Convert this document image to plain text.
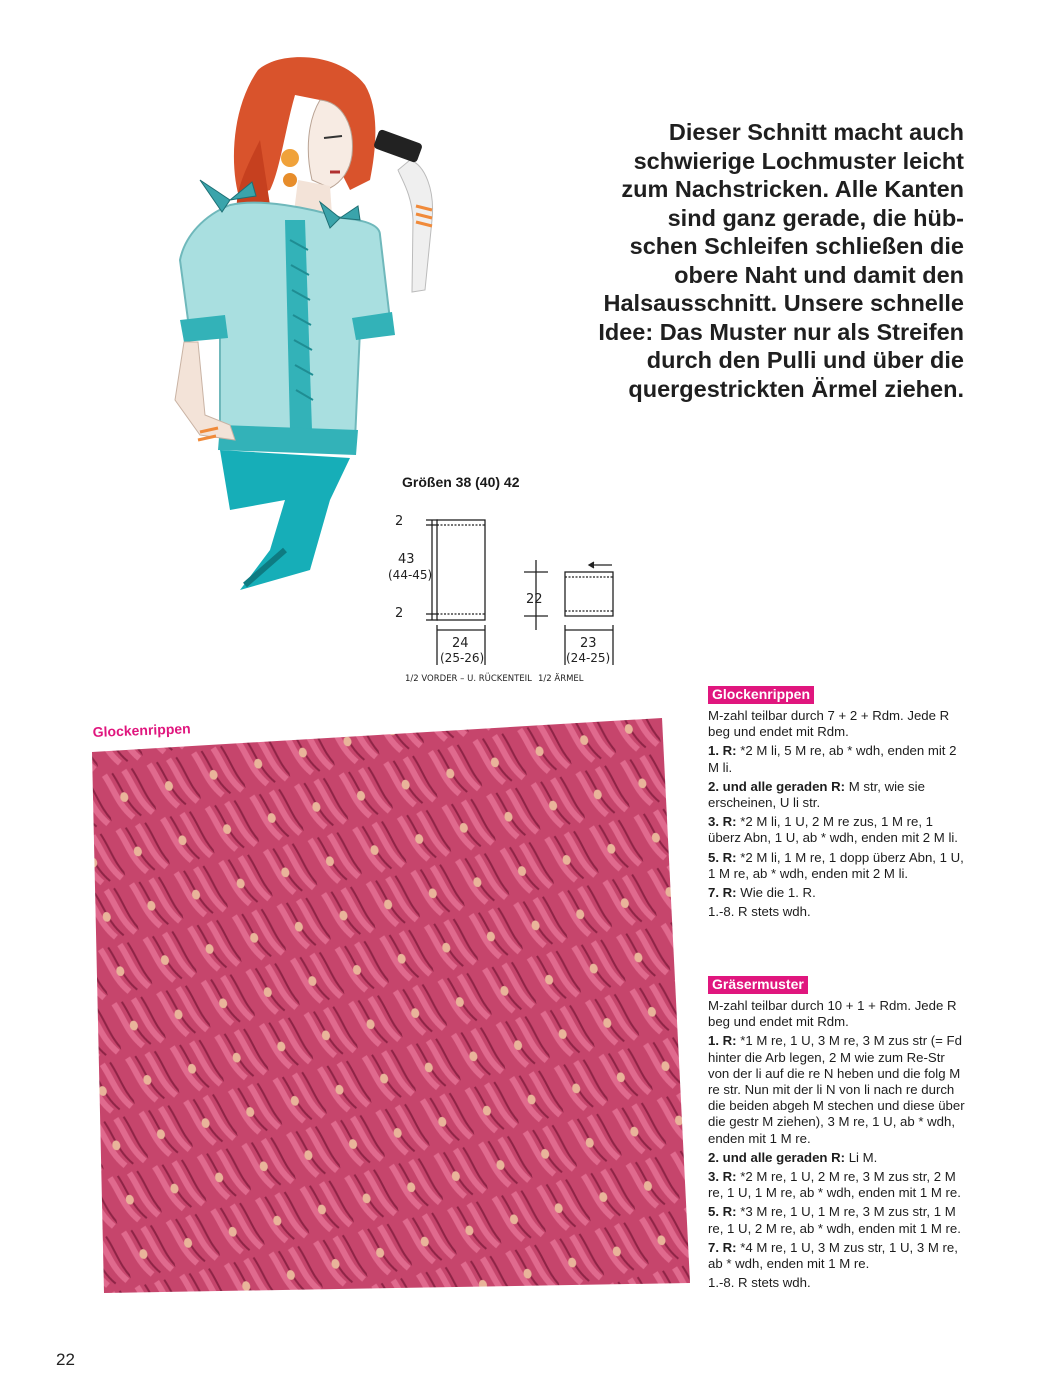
Dieser Schnitt macht auch
schwierige Lochmuster leicht
zum Nachstricken. Alle Kanten
sind ganz gerade, die hüb-
schen Schleifen schließen die
obere Naht und damit den
Halsausschnitt. Unsere schnelle
Idee: Das Muster nur als Streifen
durch den Pulli und über die
quergestrickten Ärmel ziehen.
Größen 38 (40) 42
2
43
(44-45)
2
24
(25-26)
1/2 VORDER – U. RÜCKENTEIL
22
23
(24-25)
1/2 ÄRMEL
Glockenrippen
Glockenrippen

M-zahl teilbar durch 7 + 2 + Rdm. Jede R beg und endet mit Rdm.

1. R: *2 M li, 5 M re, ab * wdh, enden mit 2 M li.

2. und alle geraden R: M str, wie sie erscheinen, U li str.

3. R: *2 M li, 1 U, 2 M re zus, 1 M re, 1 überz Abn, 1 U, ab * wdh, enden mit 2 M li.

5. R: *2 M li, 1 M re, 1 dopp überz Abn, 1 U, 1 M re, ab * wdh, enden mit 2 M li.

7. R: Wie die 1. R.

1.-8. R stets wdh.

Gräsermuster

M-zahl teilbar durch 10 + 1 + Rdm. Jede R beg und endet mit Rdm.

1. R: *1 M re, 1 U, 3 M re, 3 M zus str (= Fd hinter die Arb legen, 2 M wie zum Re-Str von der li auf die re N heben und die folg M re str. Nun mit der li N von li nach re durch die beiden abgeh M stechen und diese über die gestr M ziehen), 3 M re, 1 U, ab * wdh, enden mit 1 M re.

2. und alle geraden R: Li M.

3. R: *2 M re, 1 U, 2 M re, 3 M zus str, 2 M re, 1 U, 1 M re, ab * wdh, enden mit 1 M re.

5. R: *3 M re, 1 U, 1 M re, 3 M zus str, 1 M re, 1 U, 2 M re, ab * wdh, enden mit 1 M re.

7. R: *4 M re, 1 U, 3 M zus str, 1 U, 3 M re, ab * wdh, enden mit 1 M re.

1.-8. R stets wdh.

22
